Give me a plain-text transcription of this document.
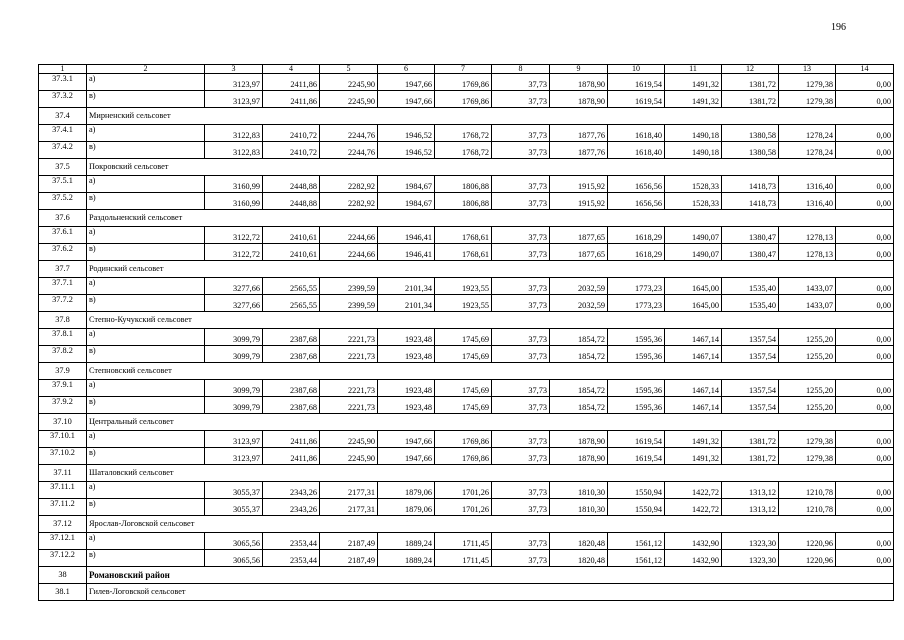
196
1	2	3	4	5	6	7	8	9	10	11	12	13	14
37.3.1	а)	3123,97	2411,86	2245,90	1947,66	1769,86	37,73	1878,90	1619,54	1491,32	1381,72	1279,38	0,00
37.3.2	в)	3123,97	2411,86	2245,90	1947,66	1769,86	37,73	1878,90	1619,54	1491,32	1381,72	1279,38	0,00
37.4	Мирненский сельсовет												
37.4.1	а)	3122,83	2410,72	2244,76	1946,52	1768,72	37,73	1877,76	1618,40	1490,18	1380,58	1278,24	0,00
37.4.2	в)	3122,83	2410,72	2244,76	1946,52	1768,72	37,73	1877,76	1618,40	1490,18	1380,58	1278,24	0,00
37.5	Покровский сельсовет												
37.5.1	а)	3160,99	2448,88	2282,92	1984,67	1806,88	37,73	1915,92	1656,56	1528,33	1418,73	1316,40	0,00
37.5.2	в)	3160,99	2448,88	2282,92	1984,67	1806,88	37,73	1915,92	1656,56	1528,33	1418,73	1316,40	0,00
37.6	Раздольненский сельсовет												
37.6.1	а)	3122,72	2410,61	2244,66	1946,41	1768,61	37,73	1877,65	1618,29	1490,07	1380,47	1278,13	0,00
37.6.2	в)	3122,72	2410,61	2244,66	1946,41	1768,61	37,73	1877,65	1618,29	1490,07	1380,47	1278,13	0,00
37.7	Родинский сельсовет												
37.7.1	а)	3277,66	2565,55	2399,59	2101,34	1923,55	37,73	2032,59	1773,23	1645,00	1535,40	1433,07	0,00
37.7.2	в)	3277,66	2565,55	2399,59	2101,34	1923,55	37,73	2032,59	1773,23	1645,00	1535,40	1433,07	0,00
37.8	Степно-Кучукский сельсовет												
37.8.1	а)	3099,79	2387,68	2221,73	1923,48	1745,69	37,73	1854,72	1595,36	1467,14	1357,54	1255,20	0,00
37.8.2	в)	3099,79	2387,68	2221,73	1923,48	1745,69	37,73	1854,72	1595,36	1467,14	1357,54	1255,20	0,00
37.9	Степновский сельсовет												
37.9.1	а)	3099,79	2387,68	2221,73	1923,48	1745,69	37,73	1854,72	1595,36	1467,14	1357,54	1255,20	0,00
37.9.2	в)	3099,79	2387,68	2221,73	1923,48	1745,69	37,73	1854,72	1595,36	1467,14	1357,54	1255,20	0,00
37.10	Центральный сельсовет												
37.10.1	а)	3123,97	2411,86	2245,90	1947,66	1769,86	37,73	1878,90	1619,54	1491,32	1381,72	1279,38	0,00
37.10.2	в)	3123,97	2411,86	2245,90	1947,66	1769,86	37,73	1878,90	1619,54	1491,32	1381,72	1279,38	0,00
37.11	Шаталовский сельсовет												
37.11.1	а)	3055,37	2343,26	2177,31	1879,06	1701,26	37,73	1810,30	1550,94	1422,72	1313,12	1210,78	0,00
37.11.2	в)	3055,37	2343,26	2177,31	1879,06	1701,26	37,73	1810,30	1550,94	1422,72	1313,12	1210,78	0,00
37.12	Ярослав-Логовской сельсовет												
37.12.1	а)	3065,56	2353,44	2187,49	1889,24	1711,45	37,73	1820,48	1561,12	1432,90	1323,30	1220,96	0,00
37.12.2	в)	3065,56	2353,44	2187,49	1889,24	1711,45	37,73	1820,48	1561,12	1432,90	1323,30	1220,96	0,00
38	Романовский район												
38.1	Гилев-Логовской сельсовет												
